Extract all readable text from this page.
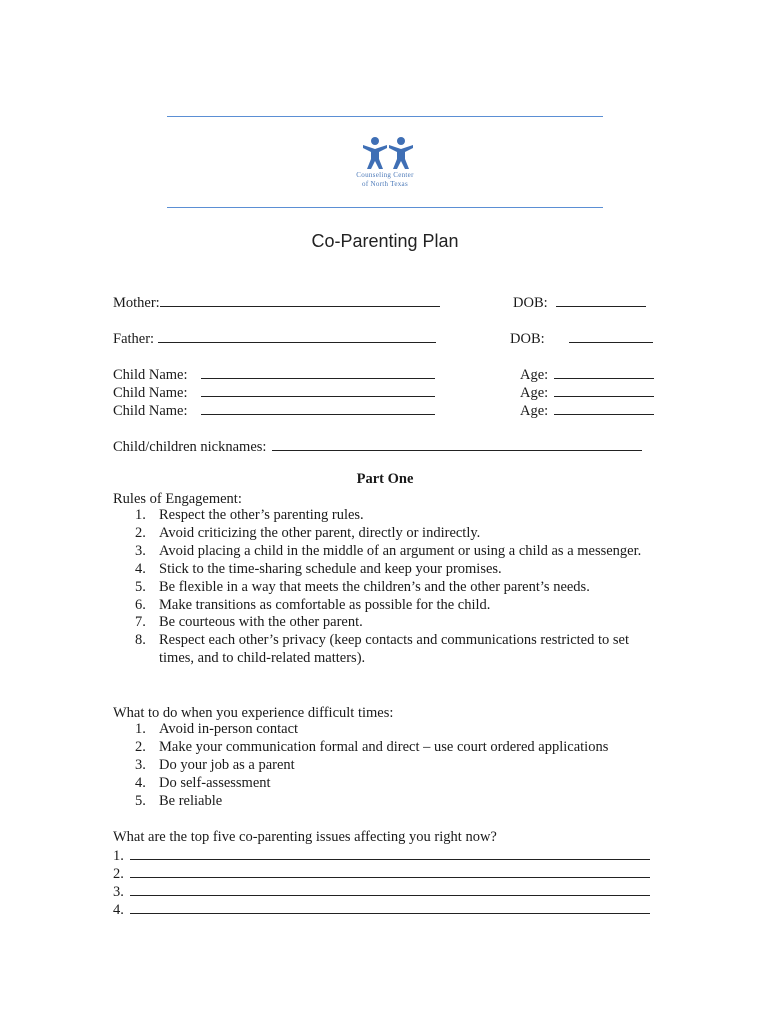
Counseling Center
of North Texas
Co-Parenting Plan
Mother:	DOB:
Father:	DOB:
Child Name:
Child Name:
Child Name:
Age:
Age:
Age:
Child/children nicknames:
Part One
Rules of Engagement:
1. Respect the other’s parenting rules.
2. Avoid criticizing the other parent, directly or indirectly.
3. Avoid placing a child in the middle of an argument or using a child as a messenger.
4. Stick to the time-sharing schedule and keep your promises.
5. Be flexible in a way that meets the children’s and the other parent’s needs.
6. Make transitions as comfortable as possible for the child.
7. Be courteous with the other parent.
8. Respect each other’s privacy (keep contacts and communications restricted to set times, and to child-related matters).
What to do when you experience difficult times:
1. Avoid in-person contact
2. Make your communication formal and direct – use court ordered applications
3. Do your job as a parent
4. Do self-assessment
5. Be reliable
What are the top five co-parenting issues affecting you right now?
1.
2.
3.
4.
